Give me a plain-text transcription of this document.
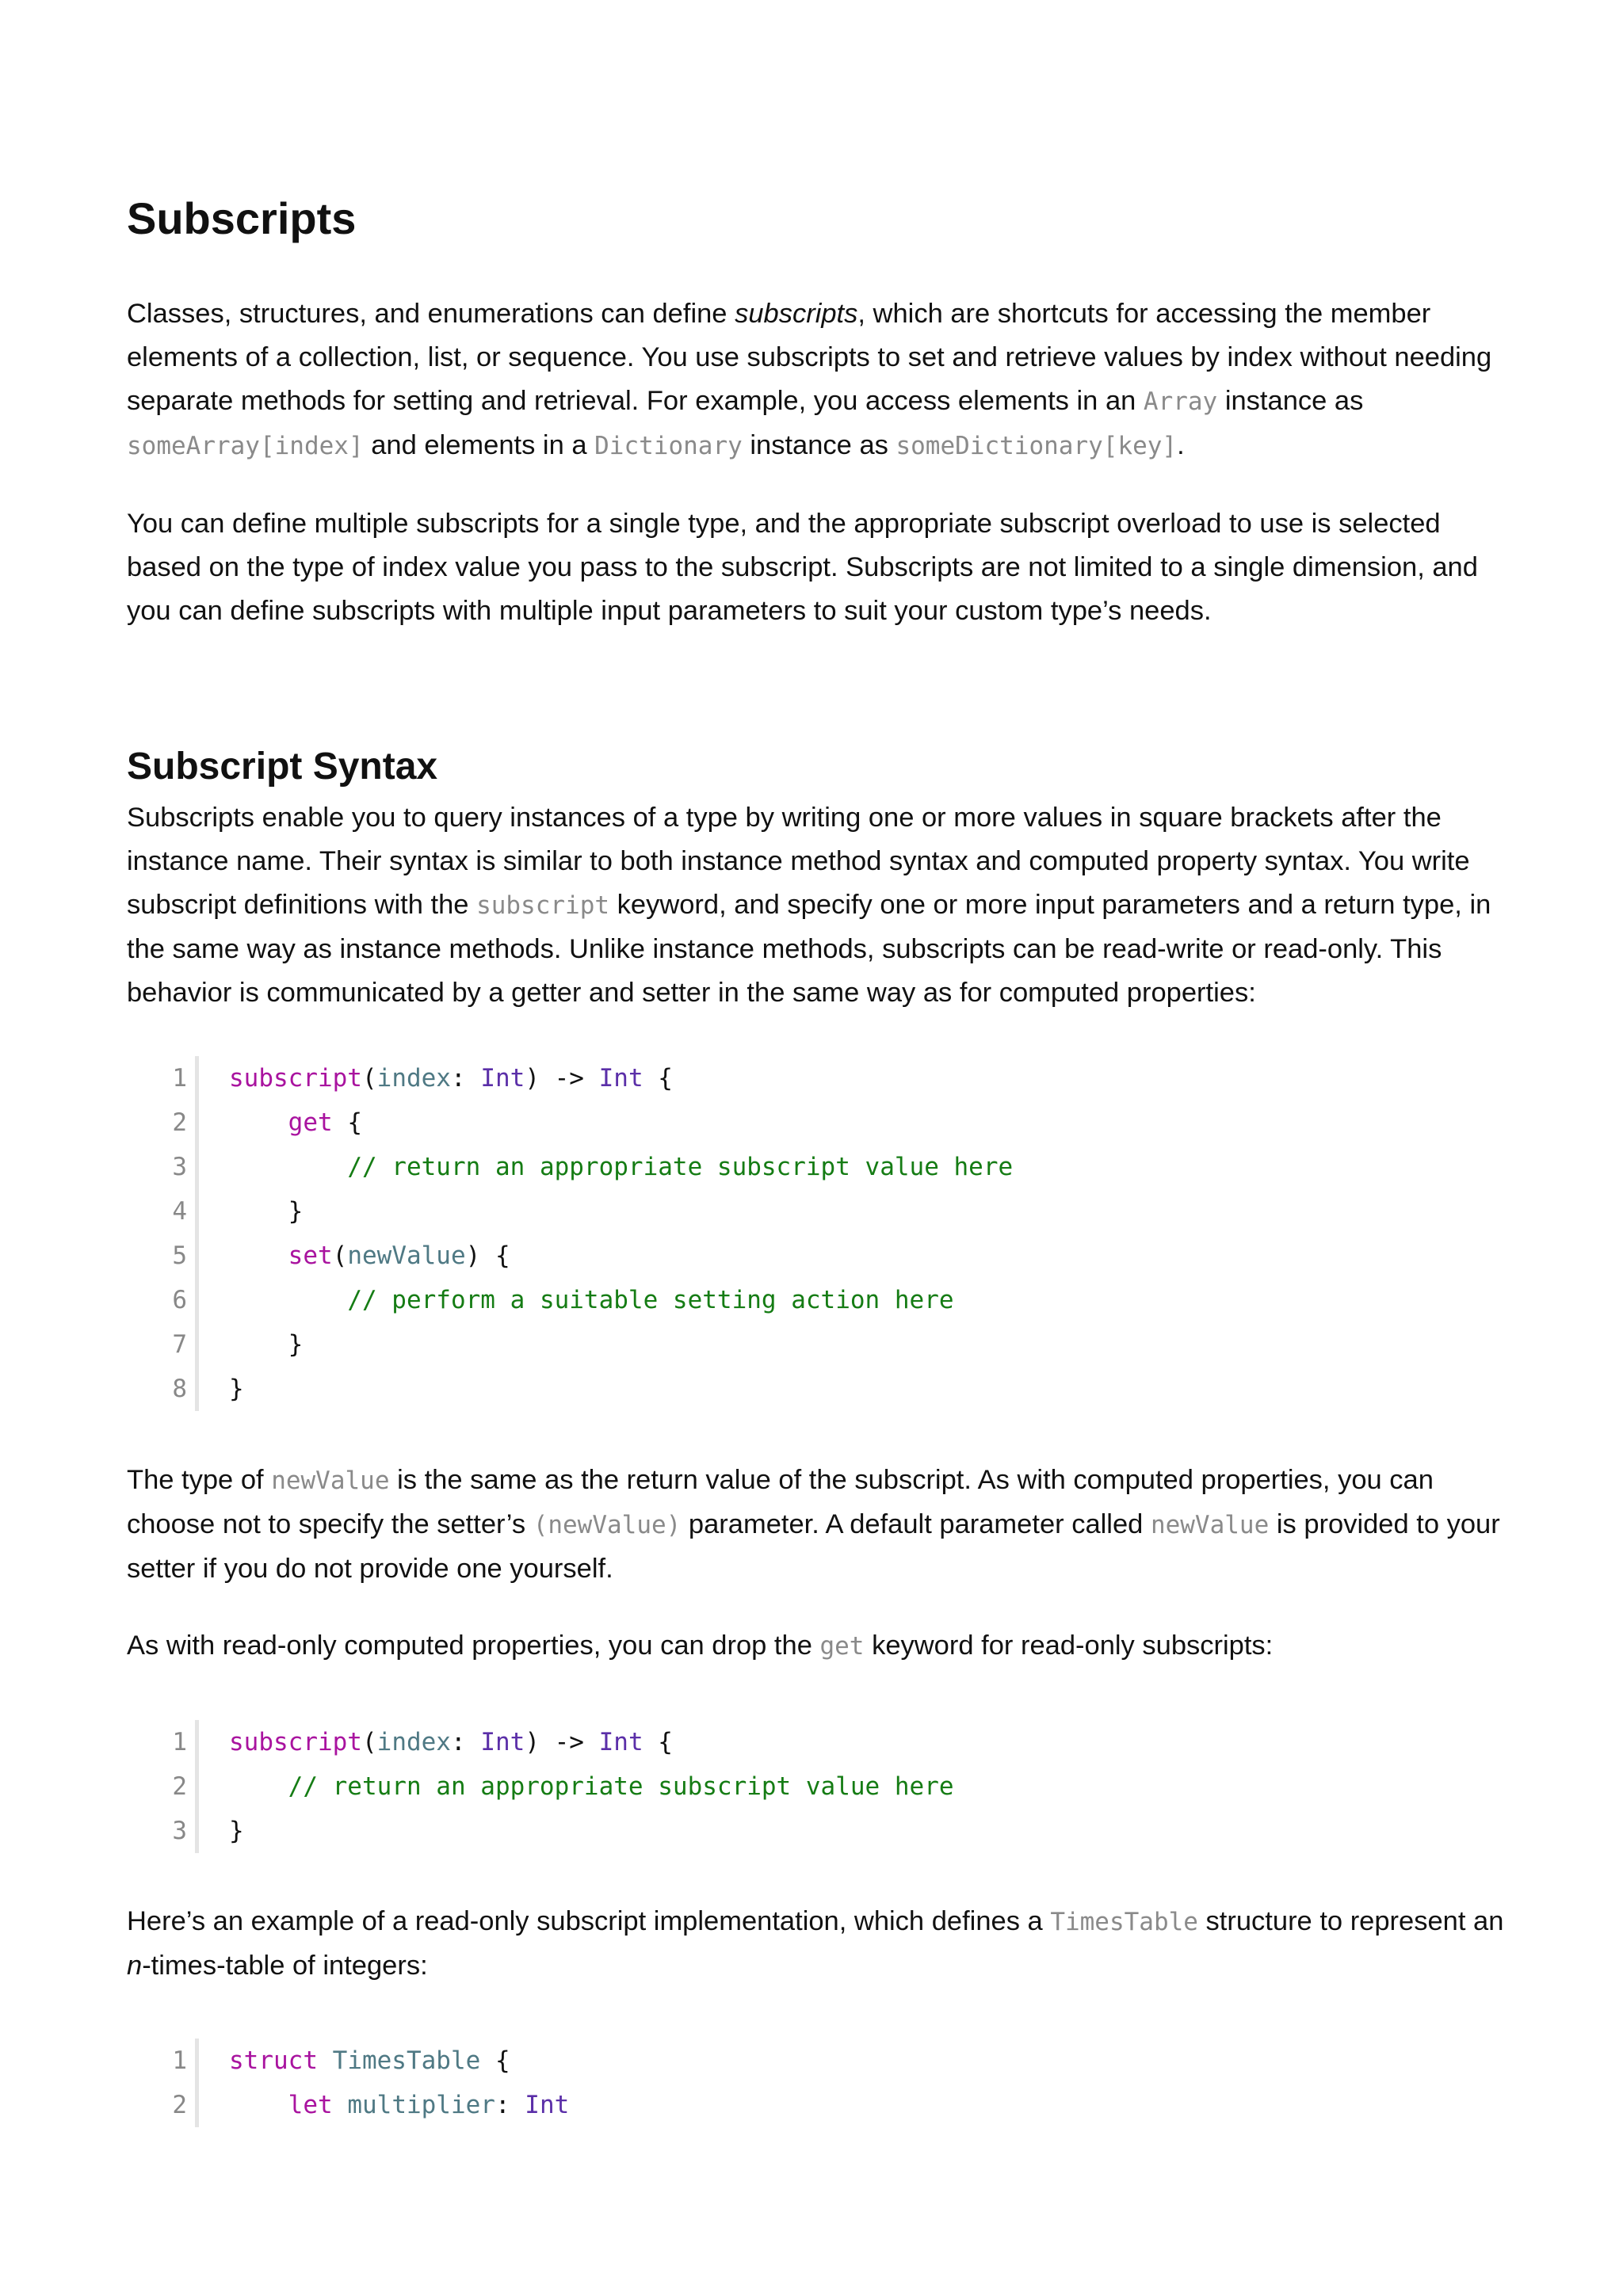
Subscripts

Classes, structures, and enumerations can define subscripts, which are shortcuts for accessing the member elements of a collection, list, or sequence. You use subscripts to set and retrieve values by index without needing separate methods for setting and retrieval. For example, you access elements in an Array instance as someArray[index] and elements in a Dictionary instance as someDictionary[key].

You can define multiple subscripts for a single type, and the appropriate subscript overload to use is selected based on the type of index value you pass to the subscript. Subscripts are not limited to a single dimension, and you can define subscripts with multiple input parameters to suit your custom type’s needs.

Subscript Syntax

Subscripts enable you to query instances of a type by writing one or more values in square brackets after the instance name. Their syntax is similar to both instance method syntax and computed property syntax. You write subscript definitions with the subscript keyword, and specify one or more input parameters and a return type, in the same way as instance methods. Unlike instance methods, subscripts can be read-write or read-only. This behavior is communicated by a getter and setter in the same way as for computed properties:

1	subscript(index: Int) -> Int {
2	get {
3	// return an appropriate subscript value here
4	}
5	set(newValue) {
6	// perform a suitable setting action here
7	}
8	}

The type of newValue is the same as the return value of the subscript. As with computed properties, you can choose not to specify the setter’s (newValue) parameter. A default parameter called newValue is provided to your setter if you do not provide one yourself.

As with read-only computed properties, you can drop the get keyword for read-only subscripts:

1	subscript(index: Int) -> Int {
2	// return an appropriate subscript value here
3	}

Here’s an example of a read-only subscript implementation, which defines a TimesTable structure to represent an n-times-table of integers:

1	struct TimesTable {
2	let multiplier: Int
